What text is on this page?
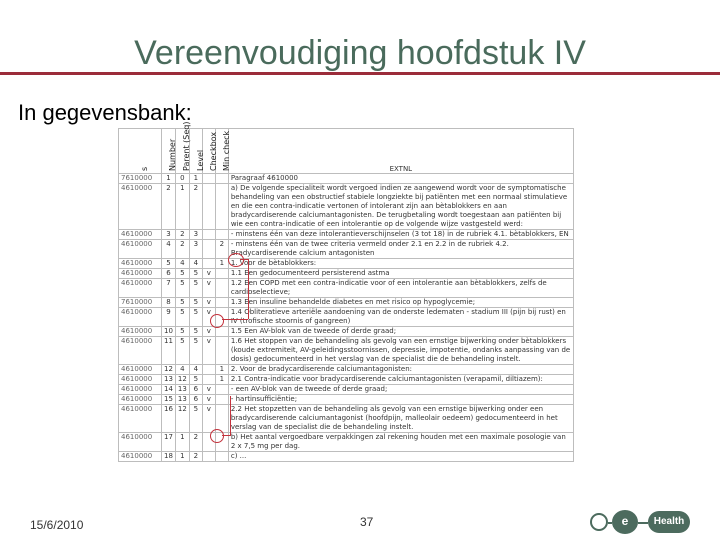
Vereenvoudiging hoofdstuk IV
In gegevensbank:
s	Number	Parent (Seq)	Level	Checkbox	Min check	EXTNL
7610000	1	0	1			Paragraaf 4610000
4610000	2	1	2			a) De volgende specialiteit wordt vergoed indien ze aangewend wordt voor de symptomatische behandeling van een obstructief stabiele longziekte bij patiënten met een normaal stimulatieve en die een contra-indicatie vertonen of intolerant zijn aan bètablokkers en aan bradycardiserende calciumantagonisten. De terugbetaling wordt toegestaan aan patiënten bij wie een contra-indicatie of een intolerantie op de volgende wijze vastgesteld werd:
4610000	3	2	3			- minstens één van deze intolerantieverschijnselen (3 tot 18) in de rubriek 4.1. bètablokkers, EN
4610000	4	2	3		2	- minstens één van de twee criteria vermeld onder 2.1 en 2.2 in de rubriek 4.2. Bradycardiserende calcium antagonisten
4610000	5	4	4		1	1. Voor de bètablokkers:
4610000	6	5	5	v		1.1 Een gedocumenteerd persisterend astma
4610000	7	5	5	v		1.2 Een COPD met een contra-indicatie voor of een intolerantie aan bètablokkers, zelfs de cardioselectieve;
7610000	8	5	5	v		1.3 Een insuline behandelde diabetes en met risico op hypoglycemie;
4610000	9	5	5	v		1.4 Obliteratieve arteriële aandoening van de onderste ledematen - stadium III (pijn bij rust) en IV (trofische stoornis of gangreen)
4610000	10	5	5	v		1.5 Een AV-blok van de tweede of derde graad;
4610000	11	5	5	v		1.6 Het stoppen van de behandeling als gevolg van een ernstige bijwerking onder bètablokkers (koude extremiteit, AV-geleidingsstoornissen, depressie, impotentie, ondanks aanpassing van de dosis) gedocumenteerd in het verslag van de specialist die de behandeling instelt.
4610000	12	4	4		1	2. Voor de bradycardiserende calciumantagonisten:
4610000	13	12	5		1	2.1 Contra-indicatie voor bradycardiserende calciumantagonisten (verapamil, diltiazem):
4610000	14	13	6	v		- een AV-blok van de tweede of derde graad;
4610000	15	13	6	v		- hartinsufficiëntie;
4610000	16	12	5	v		2.2 Het stopzetten van de behandeling als gevolg van een ernstige bijwerking onder een bradycardiserende calciumantagonist (hoofdpijn, malleolair oedeem) gedocumenteerd in het verslag van de specialist die de behandeling instelt.
4610000	17	1	2			b) Het aantal vergoedbare verpakkingen zal rekening houden met een maximale posologie van 2 x 7,5 mg per dag.
4610000	18	1	2			c) ...
15/6/2010	37	e	Health
